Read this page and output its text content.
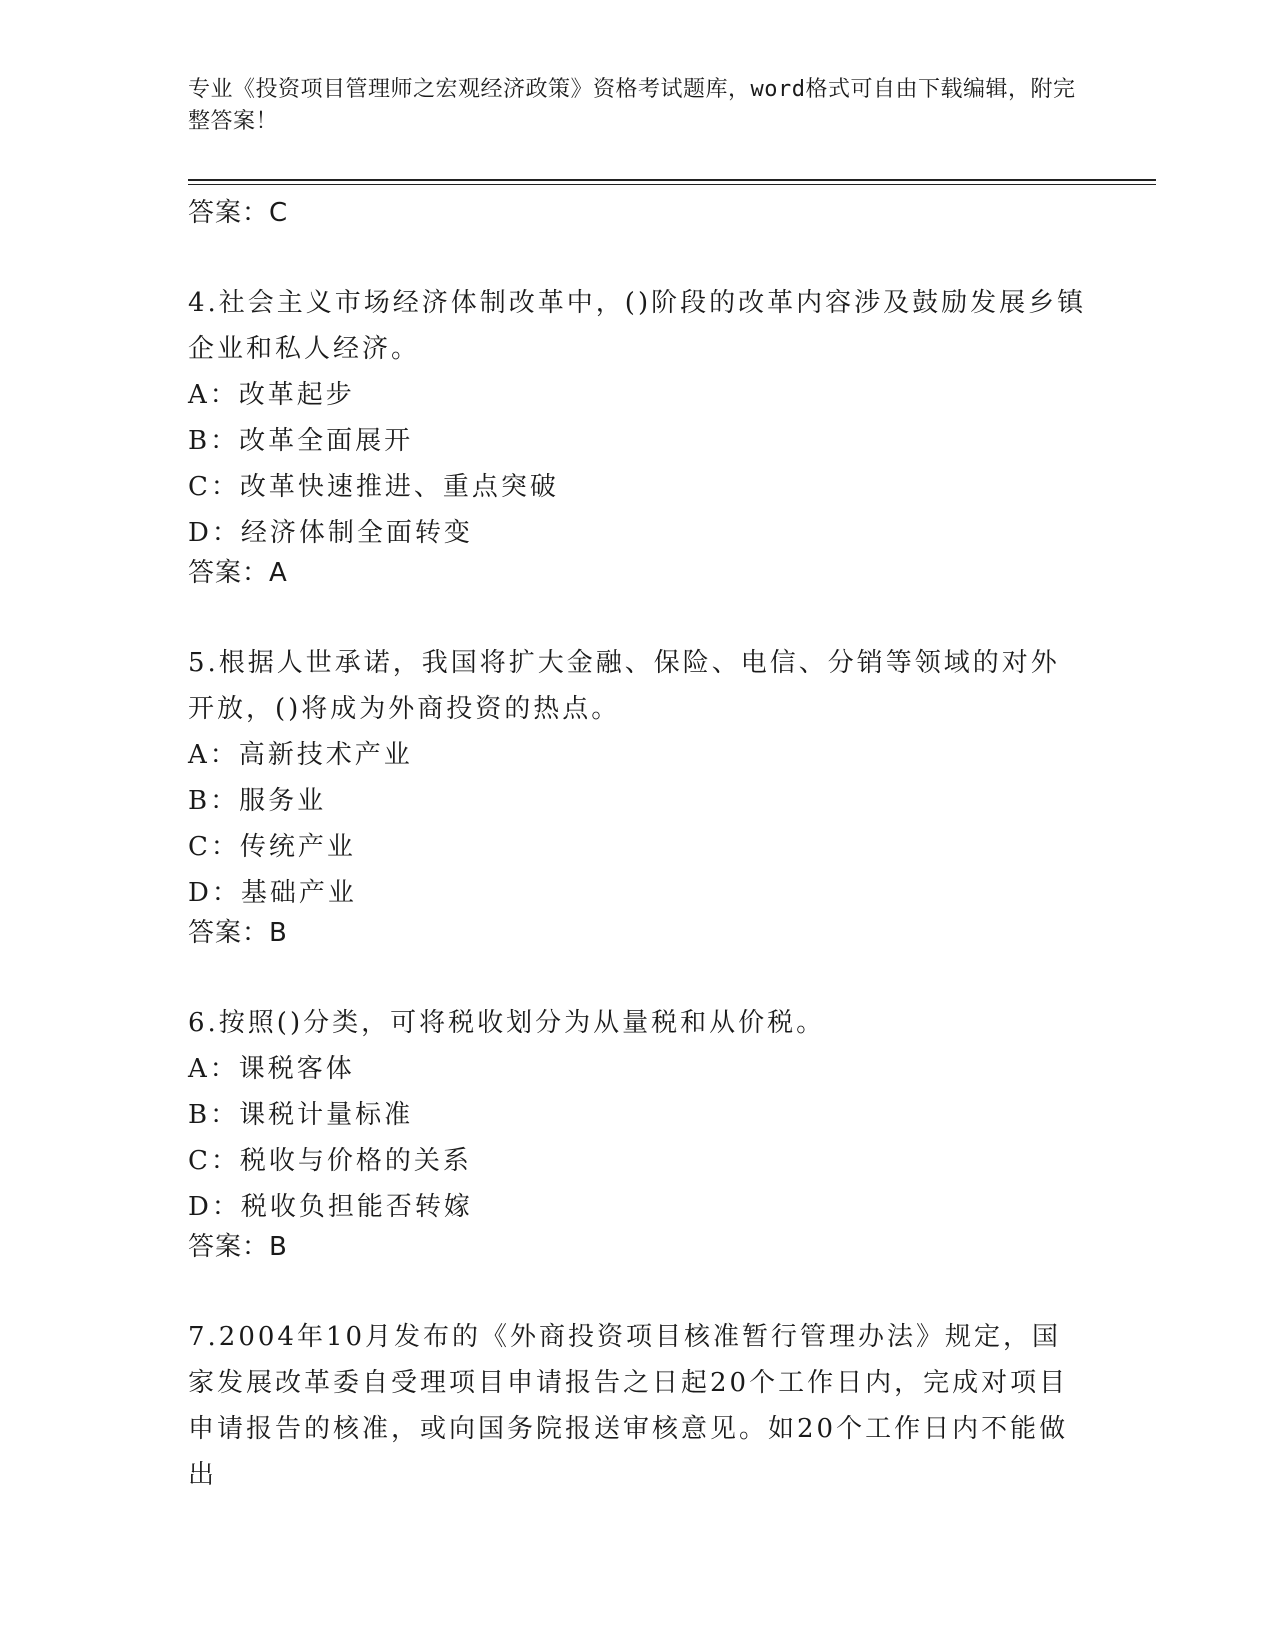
专业《投资项目管理师之宏观经济政策》资格考试题库，word格式可自由下载编辑，附完整答案！
答案：C
4.社会主义市场经济体制改革中，()阶段的改革内容涉及鼓励发展乡镇企业和私人经济。
A：改革起步
B：改革全面展开
C：改革快速推进、重点突破
D：经济体制全面转变
答案：A
5.根据人世承诺，我国将扩大金融、保险、电信、分销等领域的对外开放，()将成为外商投资的热点。
A：高新技术产业
B：服务业
C：传统产业
D：基础产业
答案：B
6.按照()分类，可将税收划分为从量税和从价税。
A：课税客体
B：课税计量标准
C：税收与价格的关系
D：税收负担能否转嫁
答案：B
7.2004年10月发布的《外商投资项目核准暂行管理办法》规定，国家发展改革委自受理项目申请报告之日起20个工作日内，完成对项目申请报告的核准，或向国务院报送审核意见。如20个工作日内不能做出
